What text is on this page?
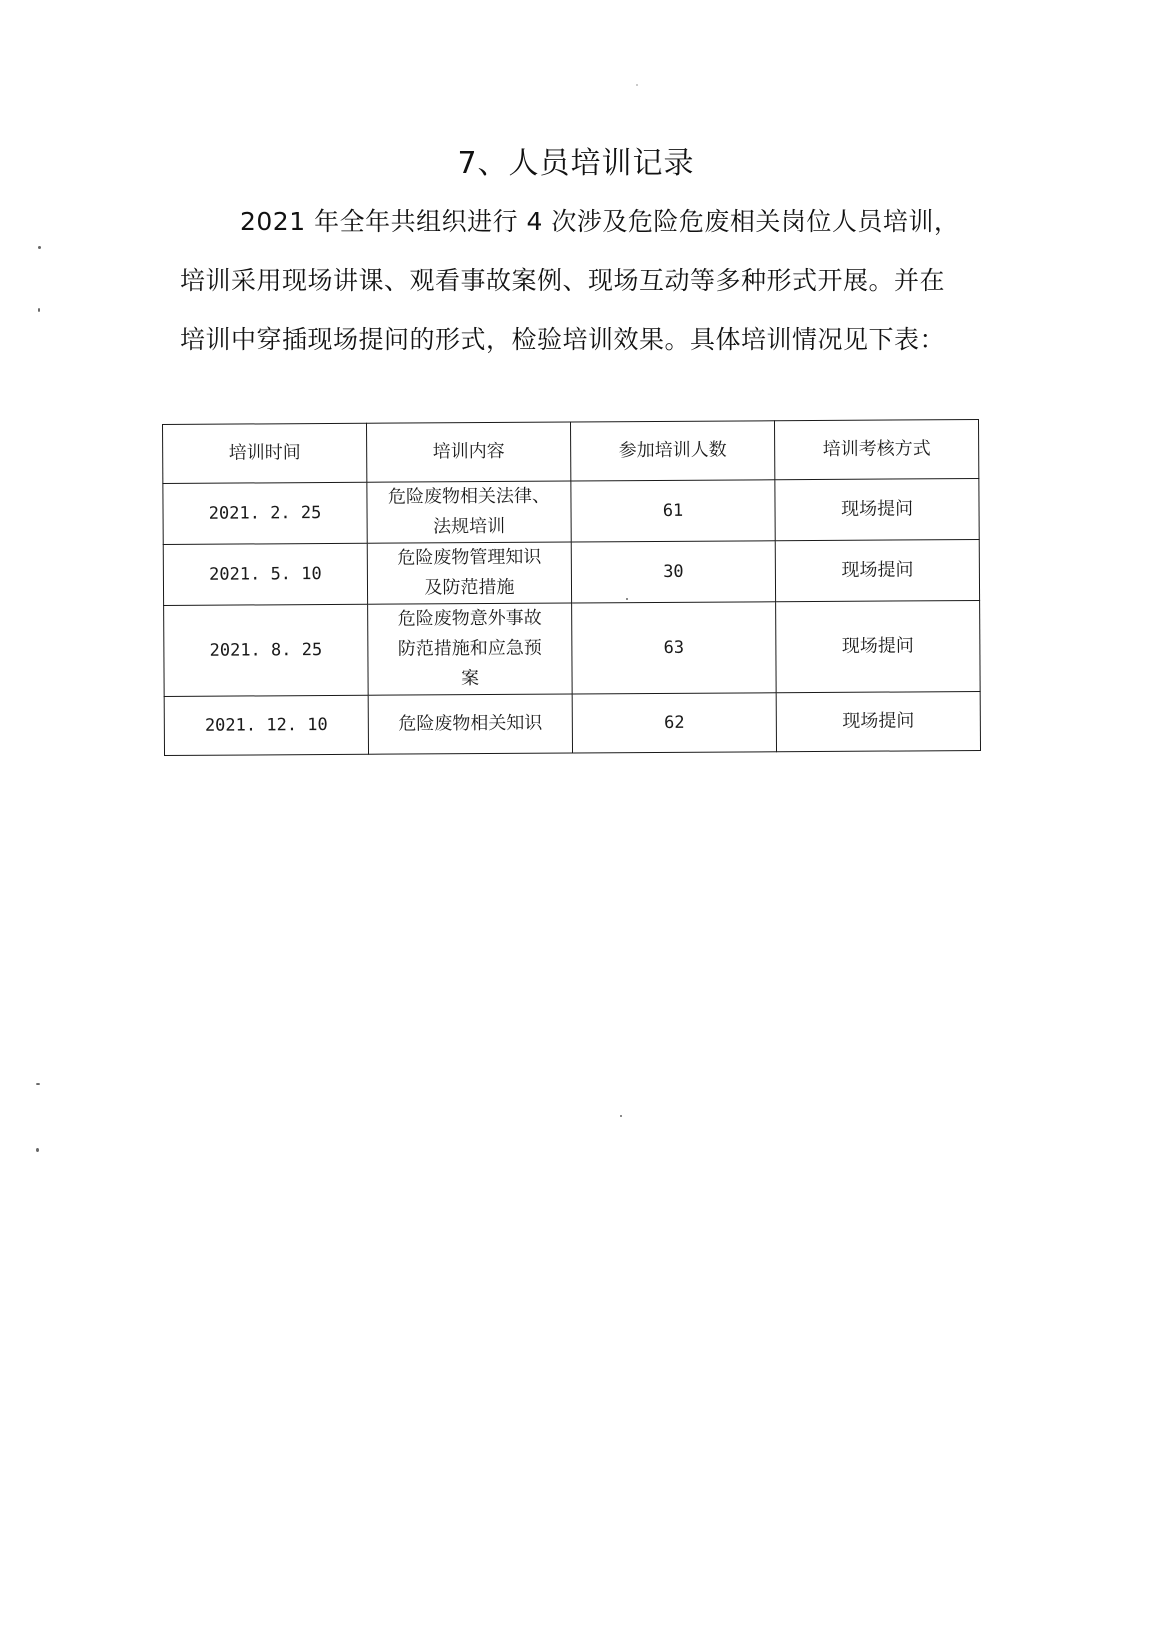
7、人员培训记录
2021 年全年共组织进行 4 次涉及危险危废相关岗位人员培训，
培训采用现场讲课、观看事故案例、现场互动等多种形式开展。并在
培训中穿插现场提问的形式，检验培训效果。具体培训情况见下表：
培训时间	培训内容	参加培训人数	培训考核方式
2021. 2. 25	危险废物相关法律、
法规培训	61	现场提问
2021. 5. 10	危险废物管理知识
及防范措施	30	现场提问
2021. 8. 25	危险废物意外事故
防范措施和应急预
案	63	现场提问
2021. 12. 10	危险废物相关知识	62	现场提问
